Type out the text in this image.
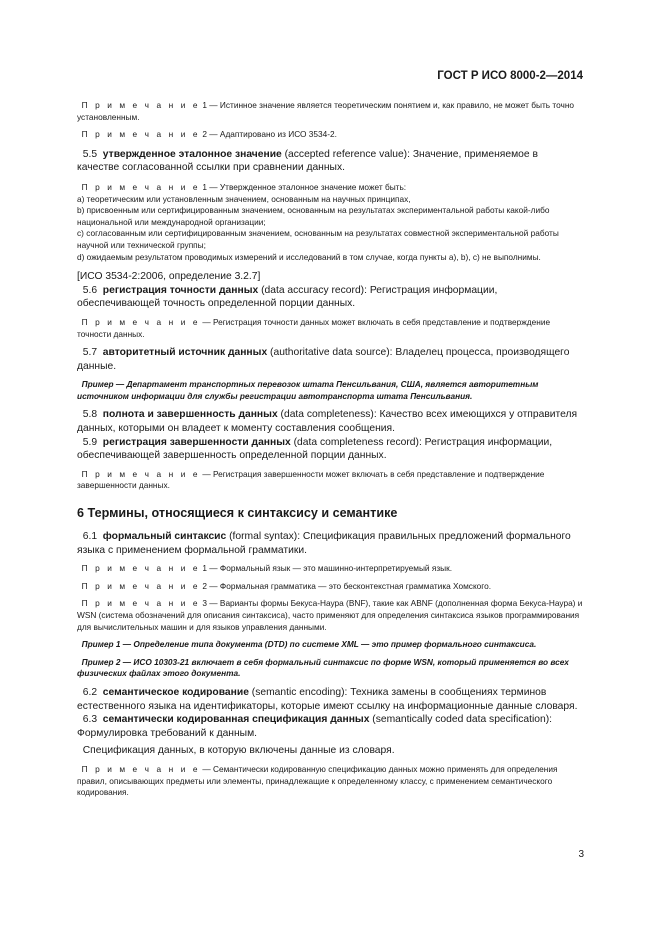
ГОСТ Р ИСО 8000-2—2014

П р и м е ч а н и е 1 — Истинное значение является теоретическим понятием и, как правило, не может быть точно установленным.

П р и м е ч а н и е 2 — Адаптировано из ИСО 3534-2.

5.5 утвержденное эталонное значение (accepted reference value): Значение, применяемое в качестве согласованной ссылки при сравнении данных.

П р и м е ч а н и е 1 — Утвержденное эталонное значение может быть:

а) теоретическим или установленным значением, основанным на научных принципах,

b) присвоенным или сертифицированным значением, основанным на результатах экспериментальной работы какой-либо национальной или международной организации;

c) согласованным или сертифицированным значением, основанным на результатах совместной экспериментальной работы научной или технической группы;

d) ожидаемым результатом проводимых измерений и исследований в том случае, когда пункты а), b), с) не выполнимы.

[ИСО 3534-2:2006, определение 3.2.7]

5.6 регистрация точности данных (data accuracy record): Регистрация информации, обеспечивающей точность определенной порции данных.

П р и м е ч а н и е — Регистрация точности данных может включать в себя представление и подтверждение точности данных.

5.7 авторитетный источник данных (authoritative data source): Владелец процесса, производящего данные.

Пример — Департамент транспортных перевозок штата Пенсильвания, США, является авторитетным источником информации для службы регистрации автотранспорта штата Пенсильвания.

5.8 полнота и завершенность данных (data completeness): Качество всех имеющихся у отправителя данных, которыми он владеет к моменту составления сообщения.

5.9 регистрация завершенности данных (data completeness record): Регистрация информации, обеспечивающей завершенность определенной порции данных.

П р и м е ч а н и е — Регистрация завершенности может включать в себя представление и подтверждение завершенности данных.

6 Термины, относящиеся к синтаксису и семантике

6.1 формальный синтаксис (formal syntax): Спецификация правильных предложений формального языка с применением формальной грамматики.

П р и м е ч а н и е 1 — Формальный язык — это машинно-интерпретируемый язык.

П р и м е ч а н и е 2 — Формальная грамматика — это бесконтекстная грамматика Хомского.

П р и м е ч а н и е 3 — Варианты формы Бекуса-Наура (BNF), такие как ABNF (дополненная форма Бекуса-Наура) и WSN (система обозначений для описания синтаксиса), часто применяют для определения синтаксиса языков программирования для вычислительных машин и для языков управления данными.

Пример 1 — Определение типа документа (DTD) по системе XML — это пример формального синтаксиса.

Пример 2 — ИСО 10303-21 включает в себя формальный синтаксис по форме WSN, который применяется во всех физических файлах этого документа.

6.2 семантическое кодирование (semantic encoding): Техника замены в сообщениях терминов естественного языка на идентификаторы, которые имеют ссылку на информационные данные словаря.

6.3 семантически кодированная спецификация данных (semantically coded data specification): Формулировка требований к данным.

Спецификация данных, в которую включены данные из словаря.

П р и м е ч а н и е — Семантически кодированную спецификацию данных можно применять для определения правил, описывающих предметы или элементы, принадлежащие к определенному классу, с применением семантического кодирования.

3
